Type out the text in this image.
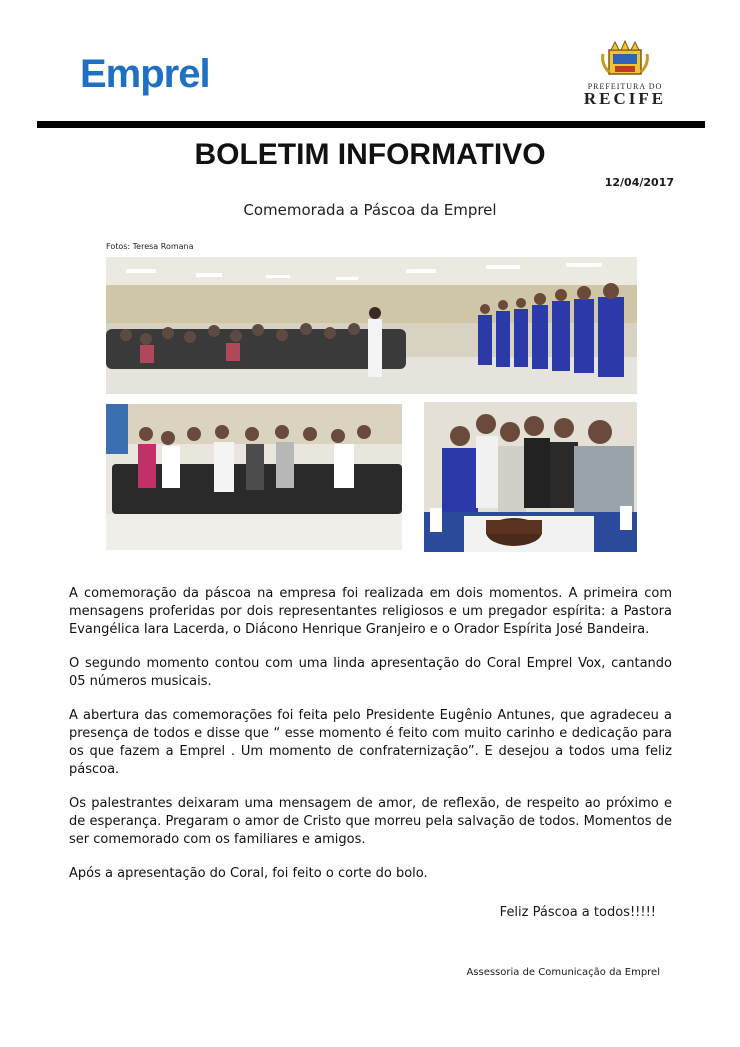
Emprel	PREFEITURA DO
RECIFE
BOLETIM INFORMATIVO
12/04/2017
Comemorada a Páscoa da Emprel
Fotos: Teresa Romana

A comemoração da páscoa na empresa foi realizada em dois momentos. A primeira com mensagens proferidas por dois representantes religiosos e um pregador espírita: a Pastora Evangélica Iara Lacerda, o Diácono Henrique Granjeiro e o Orador Espírita José Bandeira.

O segundo momento contou com uma linda apresentação do Coral Emprel Vox, cantando 05 números musicais.

A abertura das comemorações foi feita pelo Presidente Eugênio Antunes, que agradeceu a presença de todos e disse que “ esse momento é feito com muito carinho e dedicação para os que fazem a Emprel . Um momento de confraternização”. E desejou a todos uma feliz páscoa.

Os palestrantes deixaram uma mensagem de amor, de reflexão, de respeito ao próximo e de esperança. Pregaram o amor de Cristo que morreu pela salvação de todos. Momentos de ser comemorado com os familiares e amigos.

Após a apresentação do Coral, foi feito o corte do bolo.

Feliz Páscoa a todos!!!!!
Assessoria de Comunicação da Emprel
